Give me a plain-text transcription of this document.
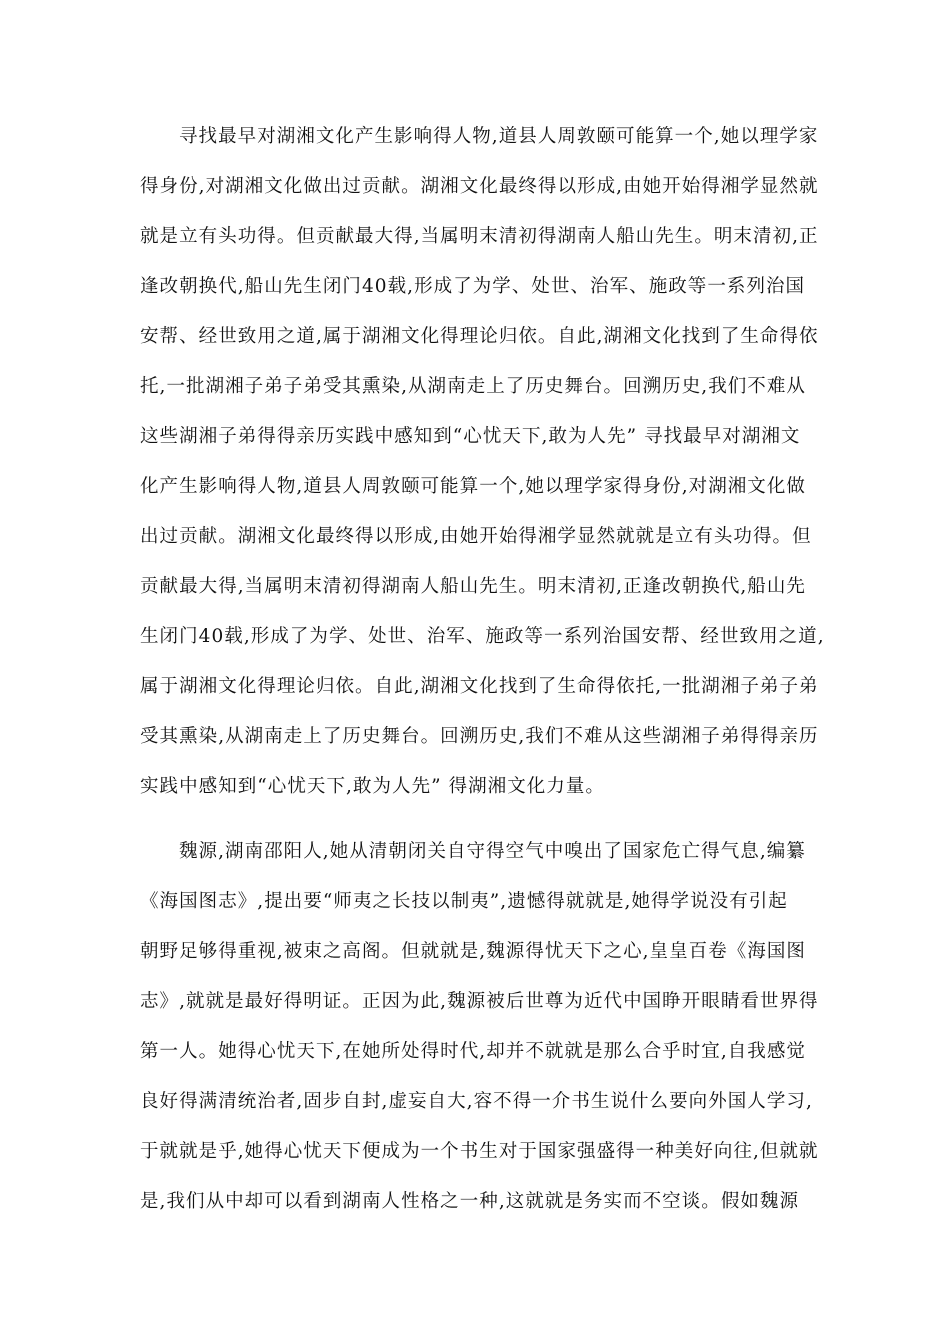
寻找最早对湖湘文化产生影响得人物,道县人周敦颐可能算一个,她以理学家
得身份,对湖湘文化做出过贡献。湖湘文化最终得以形成,由她开始得湘学显然就
就是立有头功得。但贡献最大得,当属明末清初得湖南人船山先生。明末清初,正
逢改朝换代,船山先生闭门40载,形成了为学、处世、治军、施政等一系列治国
安帮、经世致用之道,属于湖湘文化得理论归依。自此,湖湘文化找到了生命得依
托,一批湖湘子弟子弟受其熏染,从湖南走上了历史舞台。回溯历史,我们不难从
这些湖湘子弟得得亲历实践中感知到“心忧天下,敢为人先” 寻找最早对湖湘文
化产生影响得人物,道县人周敦颐可能算一个,她以理学家得身份,对湖湘文化做
出过贡献。湖湘文化最终得以形成,由她开始得湘学显然就就是立有头功得。但
贡献最大得,当属明末清初得湖南人船山先生。明末清初,正逢改朝换代,船山先
生闭门40载,形成了为学、处世、治军、施政等一系列治国安帮、经世致用之道,
属于湖湘文化得理论归依。自此,湖湘文化找到了生命得依托,一批湖湘子弟子弟
受其熏染,从湖南走上了历史舞台。回溯历史,我们不难从这些湖湘子弟得得亲历
实践中感知到“心忧天下,敢为人先” 得湖湘文化力量。
魏源,湖南邵阳人,她从清朝闭关自守得空气中嗅出了国家危亡得气息,编纂
《海国图志》,提出要“师夷之长技以制夷”,遗憾得就就是,她得学说没有引起
朝野足够得重视,被束之高阁。但就就是,魏源得忧天下之心,皇皇百卷《海国图
志》,就就是最好得明证。正因为此,魏源被后世尊为近代中国睁开眼睛看世界得
第一人。她得心忧天下,在她所处得时代,却并不就就是那么合乎时宜,自我感觉
良好得满清统治者,固步自封,虚妄自大,容不得一介书生说什么要向外国人学习,
于就就是乎,她得心忧天下便成为一个书生对于国家强盛得一种美好向往,但就就
是,我们从中却可以看到湖南人性格之一种,这就就是务实而不空谈。假如魏源
